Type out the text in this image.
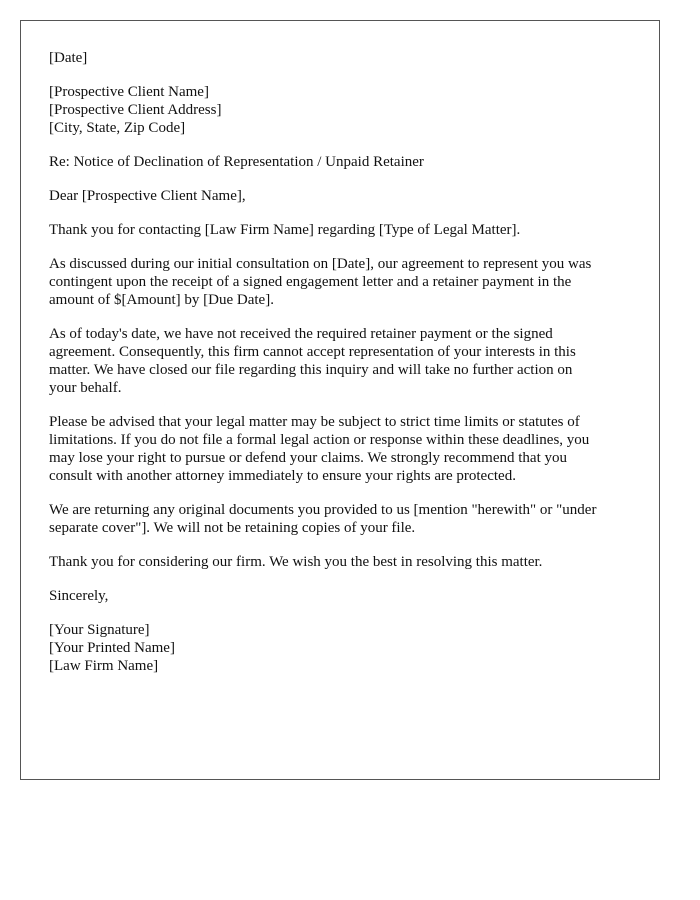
[Date]
[Prospective Client Name]
[Prospective Client Address]
[City, State, Zip Code]
Re: Notice of Declination of Representation / Unpaid Retainer
Dear [Prospective Client Name],

Thank you for contacting [Law Firm Name] regarding [Type of Legal Matter].

As discussed during our initial consultation on [Date], our agreement to represent you was
contingent upon the receipt of a signed engagement letter and a retainer payment in the
amount of $[Amount] by [Due Date].

As of today's date, we have not received the required retainer payment or the signed
agreement. Consequently, this firm cannot accept representation of your interests in this
matter. We have closed our file regarding this inquiry and will take no further action on
your behalf.

Please be advised that your legal matter may be subject to strict time limits or statutes of
limitations. If you do not file a formal legal action or response within these deadlines, you
may lose your right to pursue or defend your claims. We strongly recommend that you
consult with another attorney immediately to ensure your rights are protected.

We are returning any original documents you provided to us [mention "herewith" or "under
separate cover"]. We will not be retaining copies of your file.

Thank you for considering our firm. We wish you the best in resolving this matter.

Sincerely,
[Your Signature]
[Your Printed Name]
[Law Firm Name]
